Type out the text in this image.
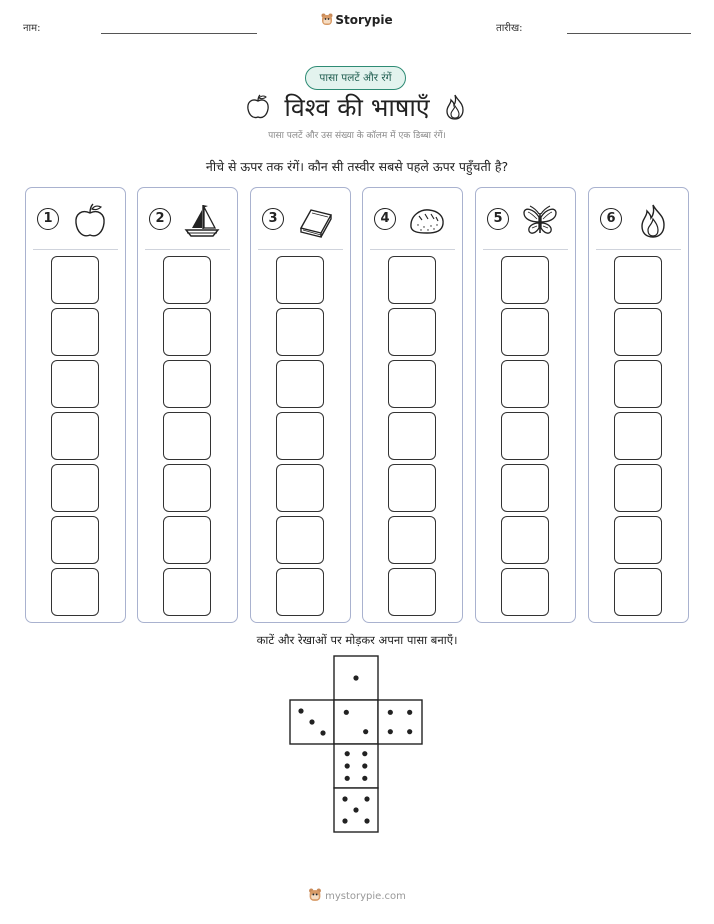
नाम:
Storypie
तारीख:
पासा पलटें और रंगें
विश्व की भाषाएँ
पासा पलटें और उस संख्या के कॉलम में एक डिब्बा रंगें।
नीचे से ऊपर तक रंगें। कौन सी तस्वीर सबसे पहले ऊपर पहुँचती है?
1	2	3	4	5	6
काटें और रेखाओं पर मोड़कर अपना पासा बनाएँ।
mystorypie.com
